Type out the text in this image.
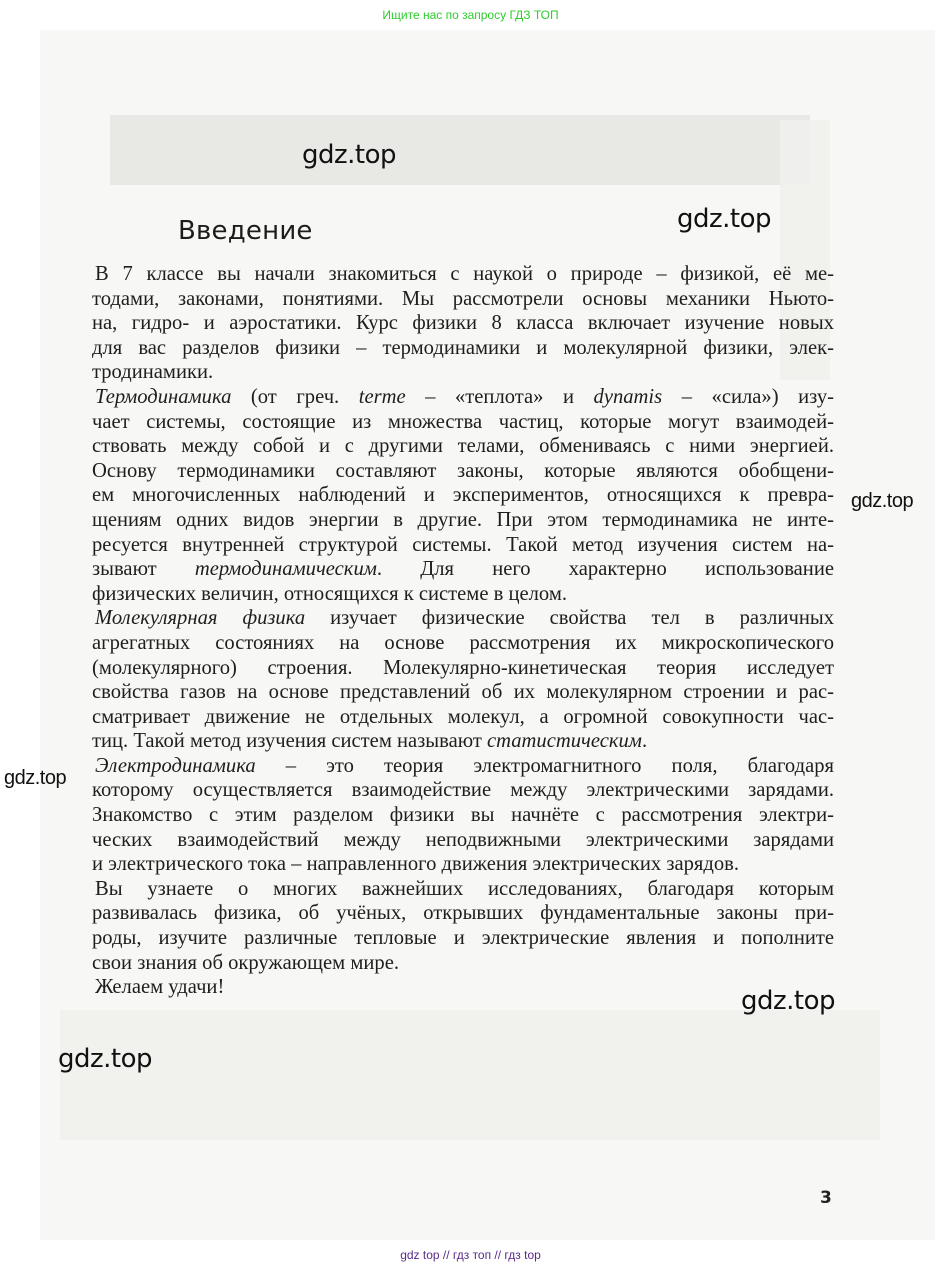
Ищите нас по запросу ГДЗ ТОП
Введение
В 7 классе вы начали знакомиться с наукой о природе – физикой, её ме-
тодами, законами, понятиями. Мы рассмотрели основы механики Ньюто-
на, гидро- и аэростатики. Курс физики 8 класса включает изучение новых
для вас разделов физики – термодинамики и молекулярной физики, элек-
тродинамики.
Термодинамика (от греч. terme – «теплота» и dynamis – «сила») изу-
чает системы, состоящие из множества частиц, которые могут взаимодей-
ствовать между собой и с другими телами, обмениваясь с ними энергией.
Основу термодинамики составляют законы, которые являются обобщени-
ем многочисленных наблюдений и экспериментов, относящихся к превра-
щениям одних видов энергии в другие. При этом термодинамика не инте-
ресуется внутренней структурой системы. Такой метод изучения систем на-
зывают термодинамическим. Для него характерно использование
физических величин, относящихся к системе в целом.
Молекулярная физика изучает физические свойства тел в различных
агрегатных состояниях на основе рассмотрения их микроскопического
(молекулярного) строения. Молекулярно-кинетическая теория исследует
свойства газов на основе представлений об их молекулярном строении и рас-
сматривает движение не отдельных молекул, а огромной совокупности час-
тиц. Такой метод изучения систем называют статистическим.
Электродинамика – это теория электромагнитного поля, благодаря
которому осуществляется взаимодействие между электрическими зарядами.
Знакомство с этим разделом физики вы начнёте с рассмотрения электри-
ческих взаимодействий между неподвижными электрическими зарядами
и электрического тока – направленного движения электрических зарядов.
Вы узнаете о многих важнейших исследованиях, благодаря которым
развивалась физика, об учёных, открывших фундаментальные законы при-
роды, изучите различные тепловые и электрические явления и пополните
свои знания об окружающем мире.
Желаем удачи!
gdz.top
gdz.top
gdz.top
gdz.top
gdz.top
gdz.top
3
gdz top // гдз топ // гдз top
